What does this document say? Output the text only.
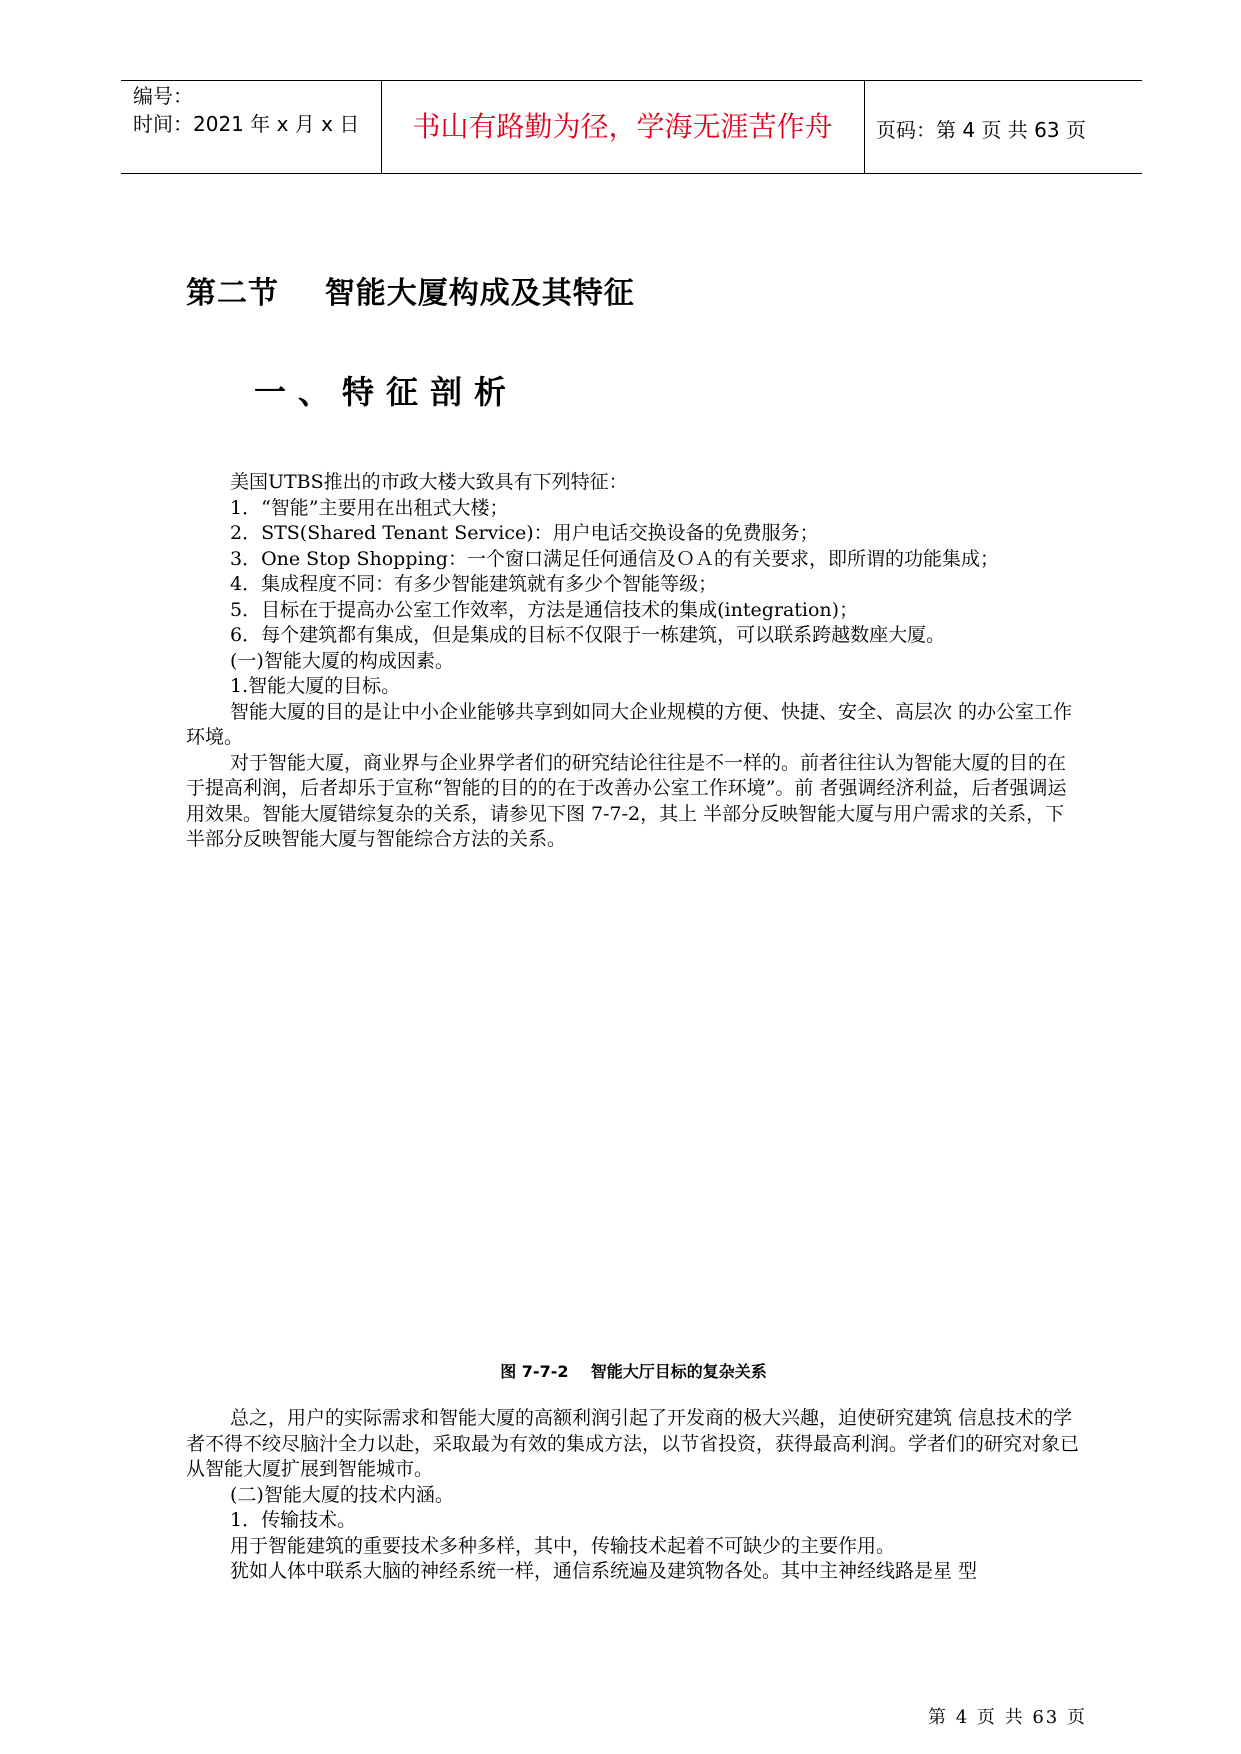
编号：
时间：2021 年 x 月 x 日	书山有路勤为径，学海无涯苦作舟	页码：第 4 页 共 63 页
第二节    智能大厦构成及其特征
一、特征剖析

美国UTBS推出的市政大楼大致具有下列特征：

1．“智能”主要用在出租式大楼；

2．STS(Shared Tenant Service)：用户电话交换设备的免费服务；

3．One Stop Shopping：一个窗口满足任何通信及ＯＡ的有关要求，即所谓的功能集成；

4．集成程度不同：有多少智能建筑就有多少个智能等级；

5．目标在于提高办公室工作效率，方法是通信技术的集成(integration)；

6．每个建筑都有集成，但是集成的目标不仅限于一栋建筑，可以联系跨越数座大厦。

(一)智能大厦的构成因素。

1.智能大厦的目标。

智能大厦的目的是让中小企业能够共享到如同大企业规模的方便、快捷、安全、高层次 的办公室工作环境。

对于智能大厦，商业界与企业界学者们的研究结论往往是不一样的。前者往往认为智能大厦的目的在于提高利润，后者却乐于宣称“智能的目的的在于改善办公室工作环境”。前 者强调经济利益，后者强调运用效果。智能大厦错综复杂的关系，请参见下图 7-7-2，其上 半部分反映智能大厦与用户需求的关系，下半部分反映智能大厦与智能综合方法的关系。

图 7-7-2    智能大厅目标的复杂关系

总之，用户的实际需求和智能大厦的高额利润引起了开发商的极大兴趣，迫使研究建筑 信息技术的学者不得不绞尽脑汁全力以赴，采取最为有效的集成方法，以节省投资，获得最高利润。学者们的研究对象已从智能大厦扩展到智能城市。

(二)智能大厦的技术内涵。

1．传输技术。

用于智能建筑的重要技术多种多样，其中，传输技术起着不可缺少的主要作用。

犹如人体中联系大脑的神经系统一样，通信系统遍及建筑物各处。其中主神经线路是星 型

第 4 页 共 63 页
